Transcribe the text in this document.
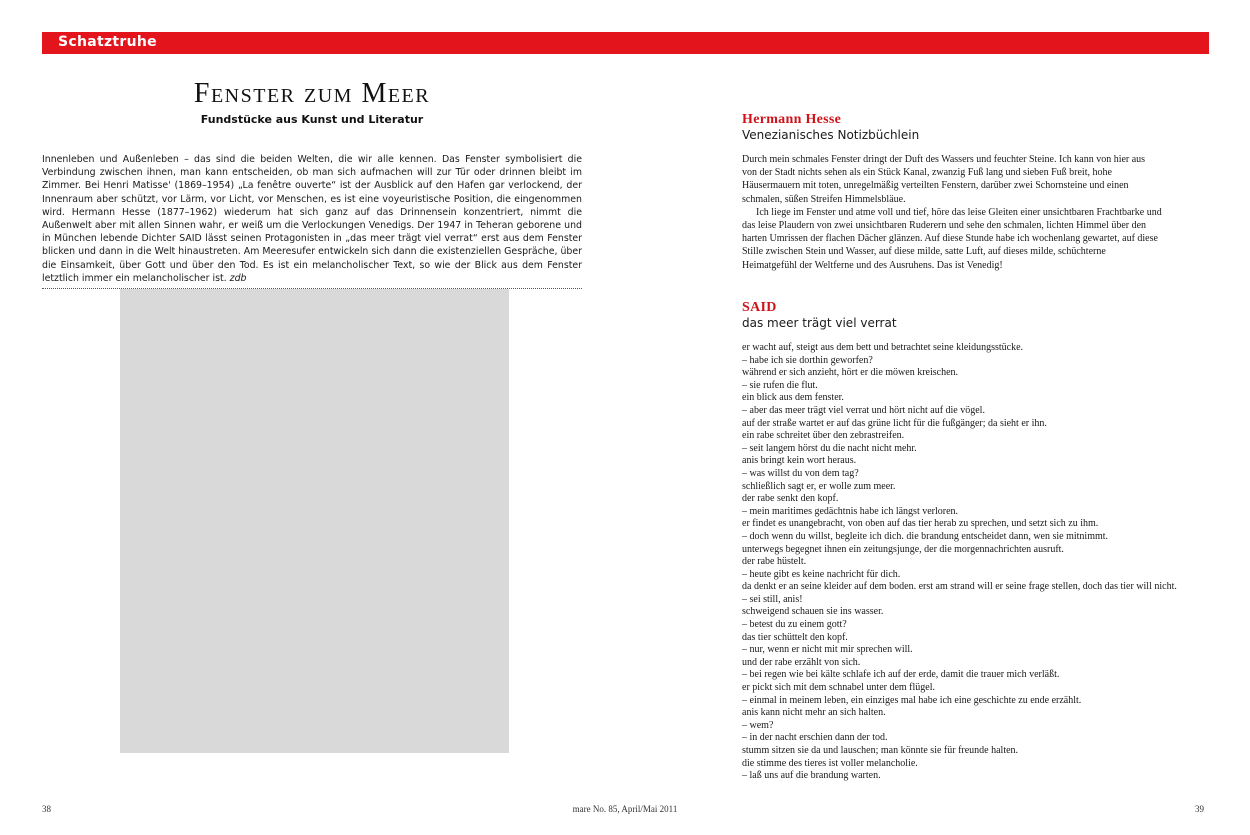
Schatztruhe
Fenster zum Meer
Fundstücke aus Kunst und Literatur
Innenleben und Außenleben – das sind die beiden Welten, die wir alle kennen. Das Fenster symbolisiert die Verbindung zwischen ihnen, man kann entscheiden, ob man sich aufmachen will zur Tür oder drinnen bleibt im Zimmer. Bei Henri Matisse' (1869–1954) „La fenêtre ouverte“ ist der Ausblick auf den Hafen gar verlockend, der Innenraum aber schützt, vor Lärm, vor Licht, vor Menschen, es ist eine voyeuristische Position, die eingenommen wird. Hermann Hesse (1877–1962) wiederum hat sich ganz auf das Drinnensein konzentriert, nimmt die Außenwelt aber mit allen Sinnen wahr, er weiß um die Verlockungen Venedigs. Der 1947 in Teheran geborene und in München lebende Dichter SAID lässt seinen Protagonisten in „das meer trägt viel verrat“ erst aus dem Fenster blicken und dann in die Welt hinaustreten. Am Meeresufer entwickeln sich dann die existenziellen Gespräche, über die Einsamkeit, über Gott und über den Tod. Es ist ein melancholischer Text, so wie der Blick aus dem Fenster letztlich immer ein melancholischer ist. zdb
Hermann Hesse
Venezianisches Notizbüchlein

Durch mein schmales Fenster dringt der Duft des Wassers und feuchter Steine. Ich kann von hier aus von der Stadt nichts sehen als ein Stück Kanal, zwanzig Fuß lang und sieben Fuß breit, hohe Häusermauern mit toten, unregelmäßig verteilten Fenstern, darüber zwei Schornsteine und einen schmalen, süßen Streifen Himmelsbläue.

Ich liege im Fenster und atme voll und tief, höre das leise Gleiten einer unsichtbaren Frachtbarke und das leise Plaudern von zwei unsichtbaren Ruderern und sehe den schmalen, lichten Himmel über den harten Umrissen der flachen Dächer glänzen. Auf diese Stunde habe ich wochenlang gewartet, auf diese Stille zwischen Stein und Wasser, auf diese milde, satte Luft, auf dieses milde, schüchterne Heimatgefühl der Weltferne und des Ausruhens. Das ist Venedig!

SAID
das meer trägt viel verrat
er wacht auf, steigt aus dem bett und betrachtet seine kleidungsstücke.
– habe ich sie dorthin geworfen?
während er sich anzieht, hört er die möwen kreischen.
– sie rufen die flut.
ein blick aus dem fenster.
– aber das meer trägt viel verrat und hört nicht auf die vögel.
auf der straße wartet er auf das grüne licht für die fußgänger; da sieht er ihn.
ein rabe schreitet über den zebrastreifen.
– seit langem hörst du die nacht nicht mehr.
anis bringt kein wort heraus.
– was willst du von dem tag?
schließlich sagt er, er wolle zum meer.
der rabe senkt den kopf.
– mein maritimes gedächtnis habe ich längst verloren.
er findet es unangebracht, von oben auf das tier herab zu sprechen, und setzt sich zu ihm.
– doch wenn du willst, begleite ich dich. die brandung entscheidet dann, wen sie mitnimmt.
unterwegs begegnet ihnen ein zeitungsjunge, der die morgennachrichten ausruft.
der rabe hüstelt.
– heute gibt es keine nachricht für dich.
da denkt er an seine kleider auf dem boden. erst am strand will er seine frage stellen, doch das tier will nicht.
– sei still, anis!
schweigend schauen sie ins wasser.
– betest du zu einem gott?
das tier schüttelt den kopf.
– nur, wenn er nicht mit mir sprechen will.
und der rabe erzählt von sich.
– bei regen wie bei kälte schlafe ich auf der erde, damit die trauer mich verläßt.
er pickt sich mit dem schnabel unter dem flügel.
– einmal in meinem leben, ein einziges mal habe ich eine geschichte zu ende erzählt.
anis kann nicht mehr an sich halten.
– wem?
– in der nacht erschien dann der tod.
stumm sitzen sie da und lauschen; man könnte sie für freunde halten.
die stimme des tieres ist voller melancholie.
– laß uns auf die brandung warten.
38	mare No. 85, April/Mai 2011	39
